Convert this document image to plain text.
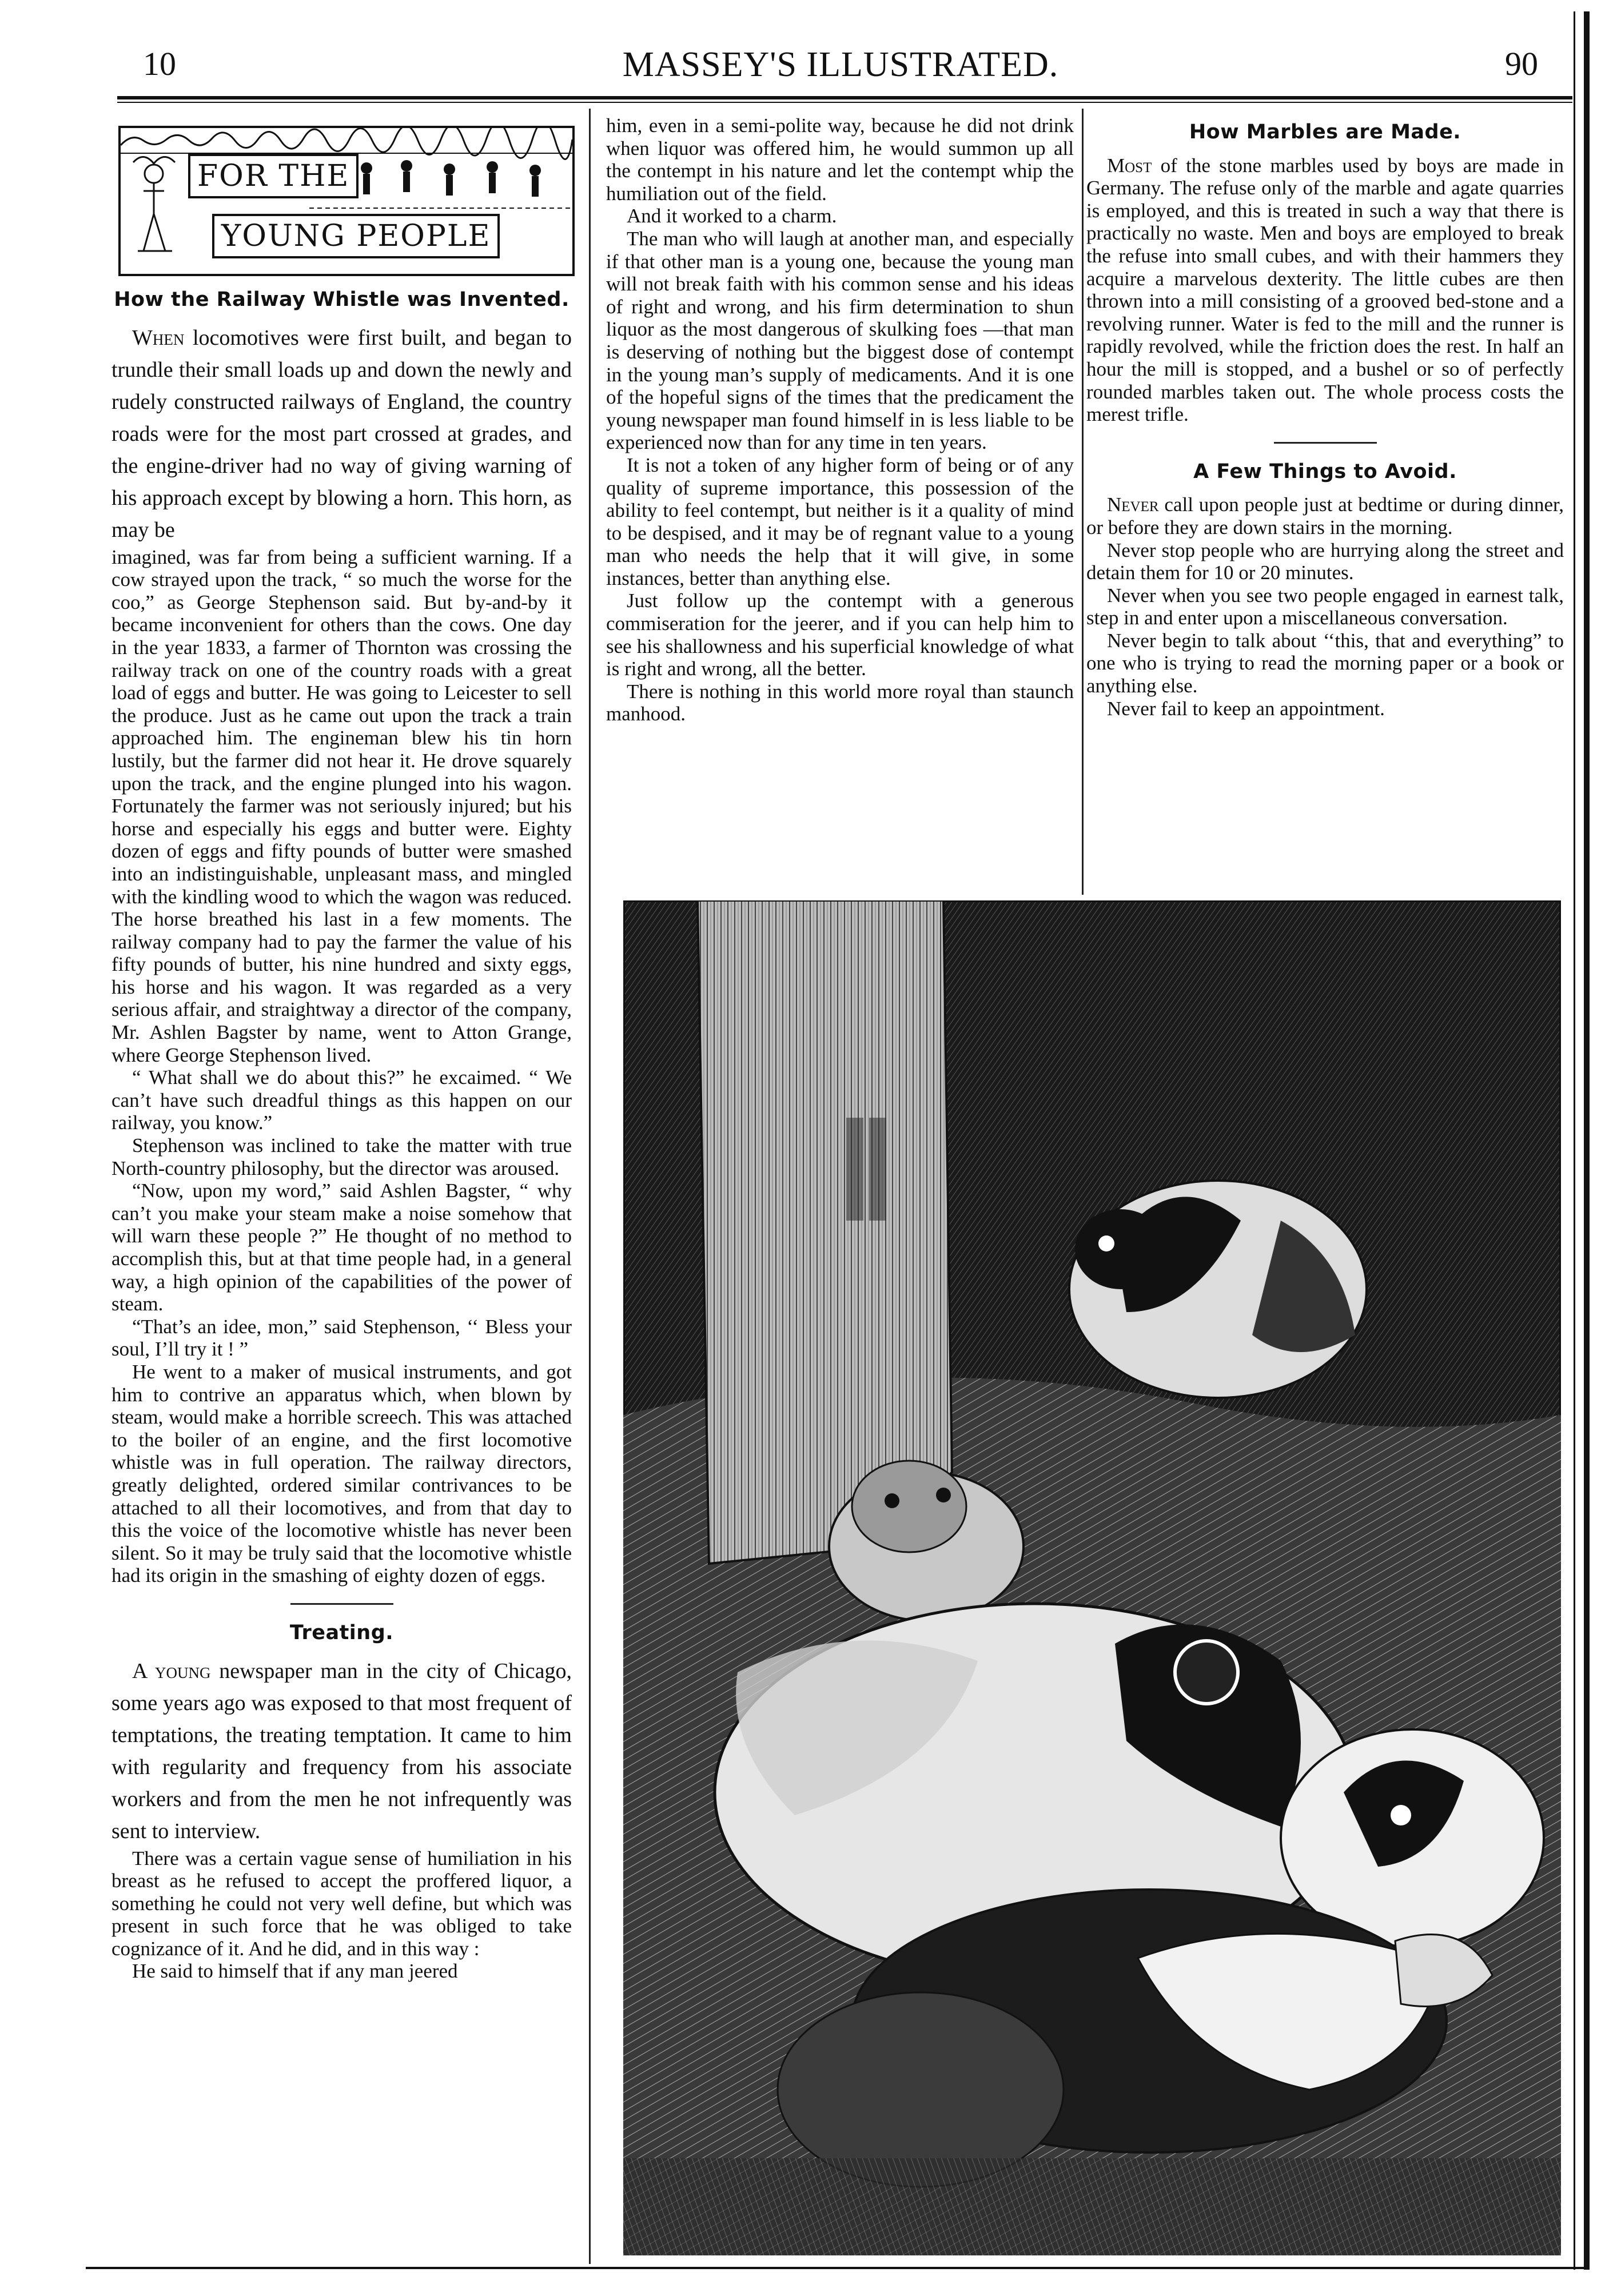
10	MASSEY'S ILLUSTRATED.	90
FOR THE
YOUNG PEOPLE
How the Railway Whistle was Invented.

When locomotives were first built, and began to trundle their small loads up and down the newly and rudely constructed railways of England, the country roads were for the most part crossed at grades, and the engine-driver had no way of giving warning of his approach except by blowing a horn. This horn, as may be

imagined, was far from being a sufficient warning. If a cow strayed upon the track, “ so much the worse for the coo,” as George Stephenson said. But by-and-by it became inconvenient for others than the cows. One day in the year 1833, a farmer of Thornton was crossing the railway track on one of the country roads with a great load of eggs and butter. He was going to Leicester to sell the produce. Just as he came out upon the track a train approached him. The engineman blew his tin horn lustily, but the farmer did not hear it. He drove squarely upon the track, and the engine plunged into his wagon. Fortunately the farmer was not seriously injured; but his horse and especially his eggs and butter were. Eighty dozen of eggs and fifty pounds of butter were smashed into an indistinguishable, unpleasant mass, and mingled with the kindling wood to which the wagon was reduced. The horse breathed his last in a few moments. The railway company had to pay the farmer the value of his fifty pounds of butter, his nine hundred and sixty eggs, his horse and his wagon. It was regarded as a very serious affair, and straightway a director of the company, Mr. Ashlen Bagster by name, went to Atton Grange, where George Stephenson lived.

“ What shall we do about this?” he excaimed. “ We can’t have such dreadful things as this happen on our railway, you know.”

Stephenson was inclined to take the matter with true North-country philosophy, but the director was aroused.

“Now, upon my word,” said Ashlen Bagster, “ why can’t you make your steam make a noise somehow that will warn these people ?” He thought of no method to accomplish this, but at that time people had, in a general way, a high opinion of the capabilities of the power of steam.

“That’s an idee, mon,” said Stephenson, ‘‘ Bless your soul, I’ll try it ! ”

He went to a maker of musical instruments, and got him to contrive an apparatus which, when blown by steam, would make a horrible screech. This was attached to the boiler of an engine, and the first locomotive whistle was in full operation. The railway directors, greatly delighted, ordered similar contrivances to be attached to all their locomotives, and from that day to this the voice of the locomotive whistle has never been silent. So it may be truly said that the locomotive whistle had its origin in the smashing of eighty dozen of eggs.

Treating.

A young newspaper man in the city of Chicago, some years ago was exposed to that most frequent of temptations, the treating temptation. It came to him with regularity and frequency from his associate workers and from the men he not infrequently was sent to interview.

There was a certain vague sense of humiliation in his breast as he refused to accept the proffered liquor, a something he could not very well define, but which was present in such force that he was obliged to take cognizance of it. And he did, and in this way :

He said to himself that if any man jeered

him, even in a semi-polite way, because he did not drink when liquor was offered him, he would summon up all the contempt in his nature and let the contempt whip the humiliation out of the field.

And it worked to a charm.

The man who will laugh at another man, and especially if that other man is a young one, because the young man will not break faith with his common sense and his ideas of right and wrong, and his firm determination to shun liquor as the most dangerous of skulking foes —that man is deserving of nothing but the biggest dose of contempt in the young man’s supply of medicaments. And it is one of the hopeful signs of the times that the predicament the young newspaper man found himself in is less liable to be experienced now than for any time in ten years.

It is not a token of any higher form of being or of any quality of supreme importance, this possession of the ability to feel contempt, but neither is it a quality of mind to be despised, and it may be of regnant value to a young man who needs the help that it will give, in some instances, better than anything else.

Just follow up the contempt with a generous commiseration for the jeerer, and if you can help him to see his shallowness and his superficial knowledge of what is right and wrong, all the better.

There is nothing in this world more royal than staunch manhood.

How Marbles are Made.

Most of the stone marbles used by boys are made in Germany. The refuse only of the marble and agate quarries is employed, and this is treated in such a way that there is practically no waste. Men and boys are employed to break the refuse into small cubes, and with their hammers they acquire a marvelous dexterity. The little cubes are then thrown into a mill consisting of a grooved bed-stone and a revolving runner. Water is fed to the mill and the runner is rapidly revolved, while the friction does the rest. In half an hour the mill is stopped, and a bushel or so of perfectly rounded marbles taken out. The whole process costs the merest trifle.

A Few Things to Avoid.

Never call upon people just at bedtime or during dinner, or before they are down stairs in the morning.

Never stop people who are hurrying along the street and detain them for 10 or 20 minutes.

Never when you see two people engaged in earnest talk, step in and enter upon a miscellaneous conversation.

Never begin to talk about ‘‘this, that and everything” to one who is trying to read the morning paper or a book or anything else.

Never fail to keep an appointment.
